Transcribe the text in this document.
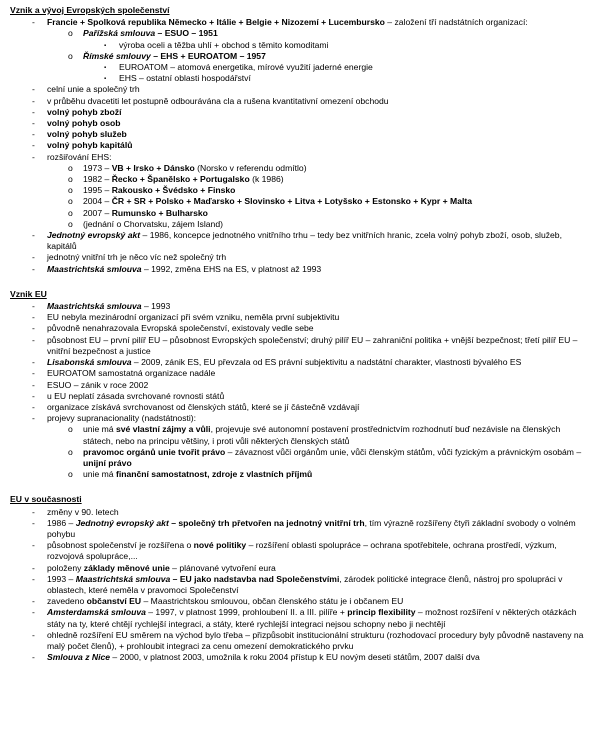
Vznik a vývoj Evropských společenství
- Francie + Spolková republika Německo + Itálie + Belgie + Nizozemí + Lucembursko – založení tří nadstátních organizací:
o Pařížská smlouva – ESUO – 1951
▪ výroba oceli a těžba uhlí + obchod s těmito komoditami
o Římské smlouvy – EHS + EUROATOM – 1957
▪ EUROATOM – atomová energetika, mírové využití jaderné energie
▪ EHS – ostatní oblasti hospodářství
- celní unie a společný trh
- v průběhu dvacetiti let postupně odbourávána cla a rušena kvantitativní omezení obchodu
- volný pohyb zboží
- volný pohyb osob
- volný pohyb služeb
- volný pohyb kapitálů
- rozšiřování EHS:
o 1973 – VB + Irsko + Dánsko (Norsko v referendu odmítlo)
o 1982 – Řecko + Španělsko + Portugalsko (k 1986)
o 1995 – Rakousko + Švédsko + Finsko
o 2004 – ČR + SR + Polsko + Maďarsko + Slovinsko + Litva + Lotyšsko + Estonsko + Kypr + Malta
o 2007 – Rumunsko + Bulharsko
o (jednání o Chorvatsku, zájem Island)
- Jednotný evropský akt – 1986, koncepce jednotného vnitřního trhu – tedy bez vnitřních hranic, zcela volný pohyb zboží, osob, služeb, kapitálů
- jednotný vnitřní trh je něco víc než společný trh
- Maastrichtská smlouva – 1992, změna EHS na ES, v platnost až 1993
Vznik EU
- Maastrichtská smlouva – 1993
- EU nebyla mezinárodní organizací při svém vzniku, neměla první subjektivitu
- původně nenahrazovala Evropská společenství, existovaly vedle sebe
- působnost EU – první pilíř EU – působnost Evropských společenství; druhý pilíř EU – zahraniční politika + vnější bezpečnost; třetí pilíř EU – vnitřní bezpečnost a justice
- Lisabonská smlouva – 2009, zánik ES, EU převzala od ES právní subjektivitu a nadstátní charakter, vlastnosti bývalého ES
- EUROATOM samostatná organizace nadále
- ESUO – zánik v roce 2002
- u EU neplatí zásada svrchované rovnosti států
- organizace získává svrchovanost od členských států, které se jí částečně vzdávají
- projevy supranacionality (nadstátnosti):
o unie má své vlastní zájmy a vůli, projevuje své autonomní postavení prostřednictvím rozhodnutí buď nezávisle na členských státech, nebo na principu většiny, i proti vůli některých členských států
o pravomoc orgánů unie tvořit právo – závaznost vůči orgánům unie, vůči členským státům, vůči fyzickým a právnickým osobám – unijní právo
o unie má finanční samostatnost, zdroje z vlastních příjmů
EU v současnosti
- změny v 90. letech
- 1986 – Jednotný evropský akt – společný trh přetvořen na jednotný vnitřní trh, tím výrazně rozšířeny čtyři základní svobody o volném pohybu
- působnost společenství je rozšířena o nové politiky – rozšíření oblasti spolupráce – ochrana spotřebitele, ochrana prostředí, výzkum, rozvojová spolupráce,...
- položeny základy měnové unie – plánované vytvoření eura
- 1993 – Maastrichtská smlouva – EU jako nadstavba nad Společenstvími, zárodek politické integrace členů, nástroj pro spolupráci v oblastech, které neměla v pravomoci Společenství
- zavedeno občanství EU – Maastrichtskou smlouvou, občan členského státu je i občanem EU
- Amsterdamská smlouva – 1997, v platnost 1999, prohloubení II. a III. pilíře + princip flexibility – možnost rozšíření v některých otázkách státy na ty, které chtějí rychlejší integraci, a státy, které rychlejší integraci nejsou schopny nebo ji nechtějí
- ohledně rozšíření EU směrem na východ bylo třeba – přizpůsobit institucionální strukturu (rozhodovací procedury byly původně nastaveny na malý počet členů), + prohloubit integraci za cenu omezení demokratického prvku
- Smlouva z Nice – 2000, v platnost 2003, umožnila k roku 2004 přístup k EU novým deseti státům, 2007 další dva
